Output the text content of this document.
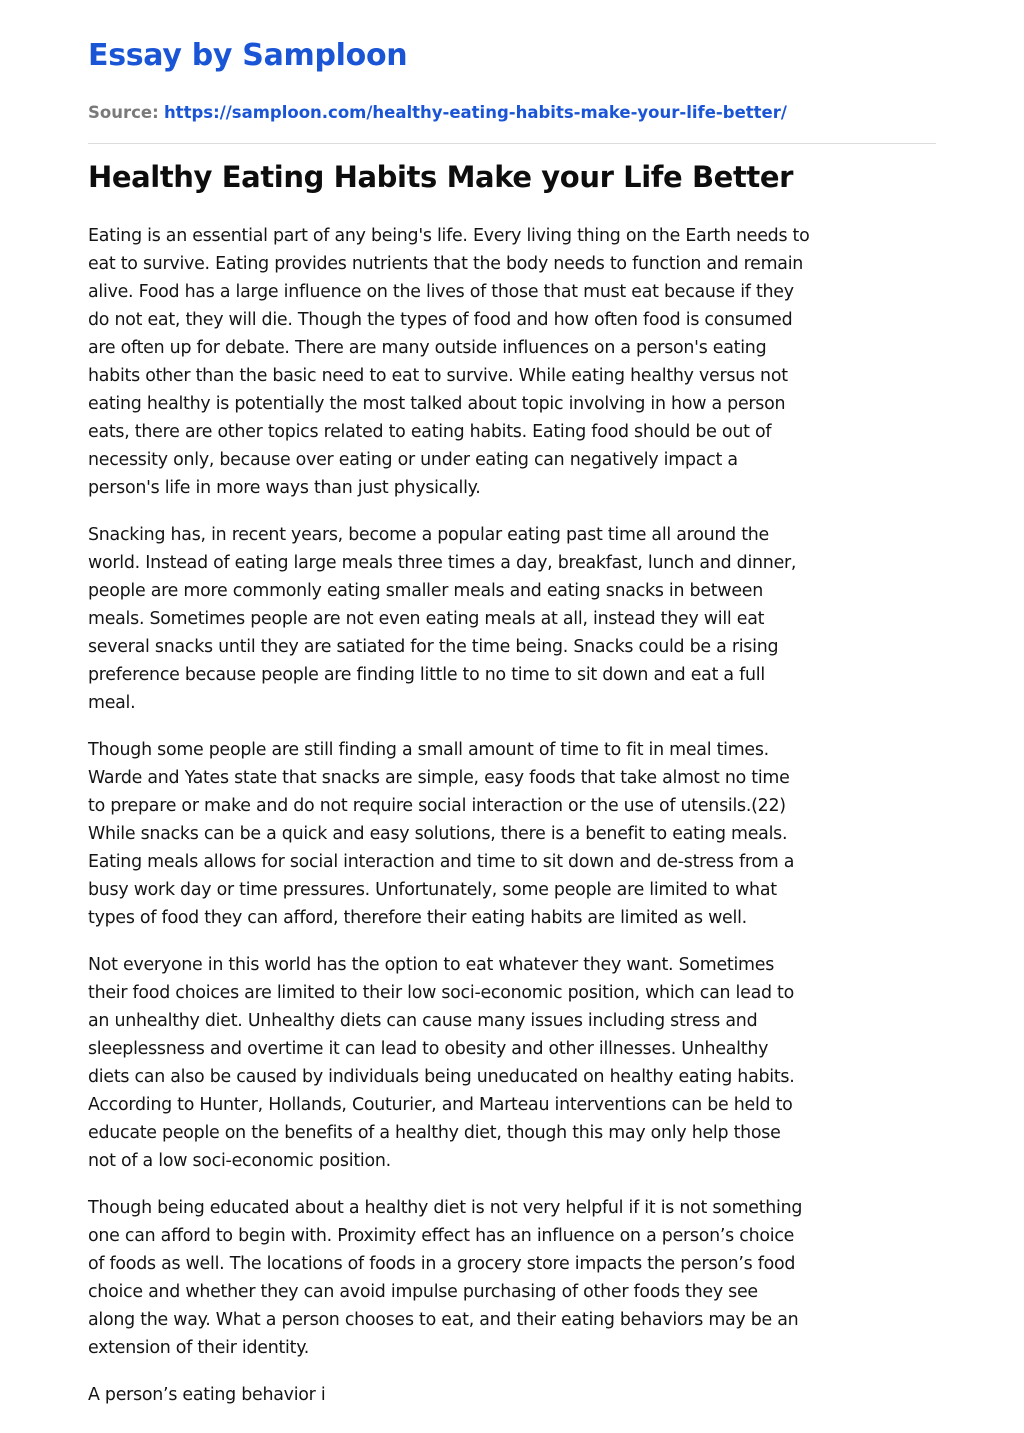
Essay by Samploon
Source: https://samploon.com/healthy-eating-habits-make-your-life-better/
Healthy Eating Habits Make your Life Better

Eating is an essential part of any being's life. Every living thing on the Earth needs to
eat to survive. Eating provides nutrients that the body needs to function and remain
alive. Food has a large influence on the lives of those that must eat because if they
do not eat, they will die. Though the types of food and how often food is consumed
are often up for debate. There are many outside influences on a person's eating
habits other than the basic need to eat to survive. While eating healthy versus not
eating healthy is potentially the most talked about topic involving in how a person
eats, there are other topics related to eating habits. Eating food should be out of
necessity only, because over eating or under eating can negatively impact a
person's life in more ways than just physically.

Snacking has, in recent years, become a popular eating past time all around the
world. Instead of eating large meals three times a day, breakfast, lunch and dinner,
people are more commonly eating smaller meals and eating snacks in between
meals. Sometimes people are not even eating meals at all, instead they will eat
several snacks until they are satiated for the time being. Snacks could be a rising
preference because people are finding little to no time to sit down and eat a full
meal.

Though some people are still finding a small amount of time to fit in meal times.
Warde and Yates state that snacks are simple, easy foods that take almost no time
to prepare or make and do not require social interaction or the use of utensils.(22)
While snacks can be a quick and easy solutions, there is a benefit to eating meals.
Eating meals allows for social interaction and time to sit down and de-stress from a
busy work day or time pressures. Unfortunately, some people are limited to what
types of food they can afford, therefore their eating habits are limited as well.

Not everyone in this world has the option to eat whatever they want. Sometimes
their food choices are limited to their low soci-economic position, which can lead to
an unhealthy diet. Unhealthy diets can cause many issues including stress and
sleeplessness and overtime it can lead to obesity and other illnesses. Unhealthy
diets can also be caused by individuals being uneducated on healthy eating habits.
According to Hunter, Hollands, Couturier, and Marteau interventions can be held to
educate people on the benefits of a healthy diet, though this may only help those
not of a low soci-economic position.

Though being educated about a healthy diet is not very helpful if it is not something
one can afford to begin with. Proximity effect has an influence on a person’s choice
of foods as well. The locations of foods in a grocery store impacts the person’s food
choice and whether they can avoid impulse purchasing of other foods they see
along the way. What a person chooses to eat, and their eating behaviors may be an
extension of their identity.

A person’s eating behavior i
